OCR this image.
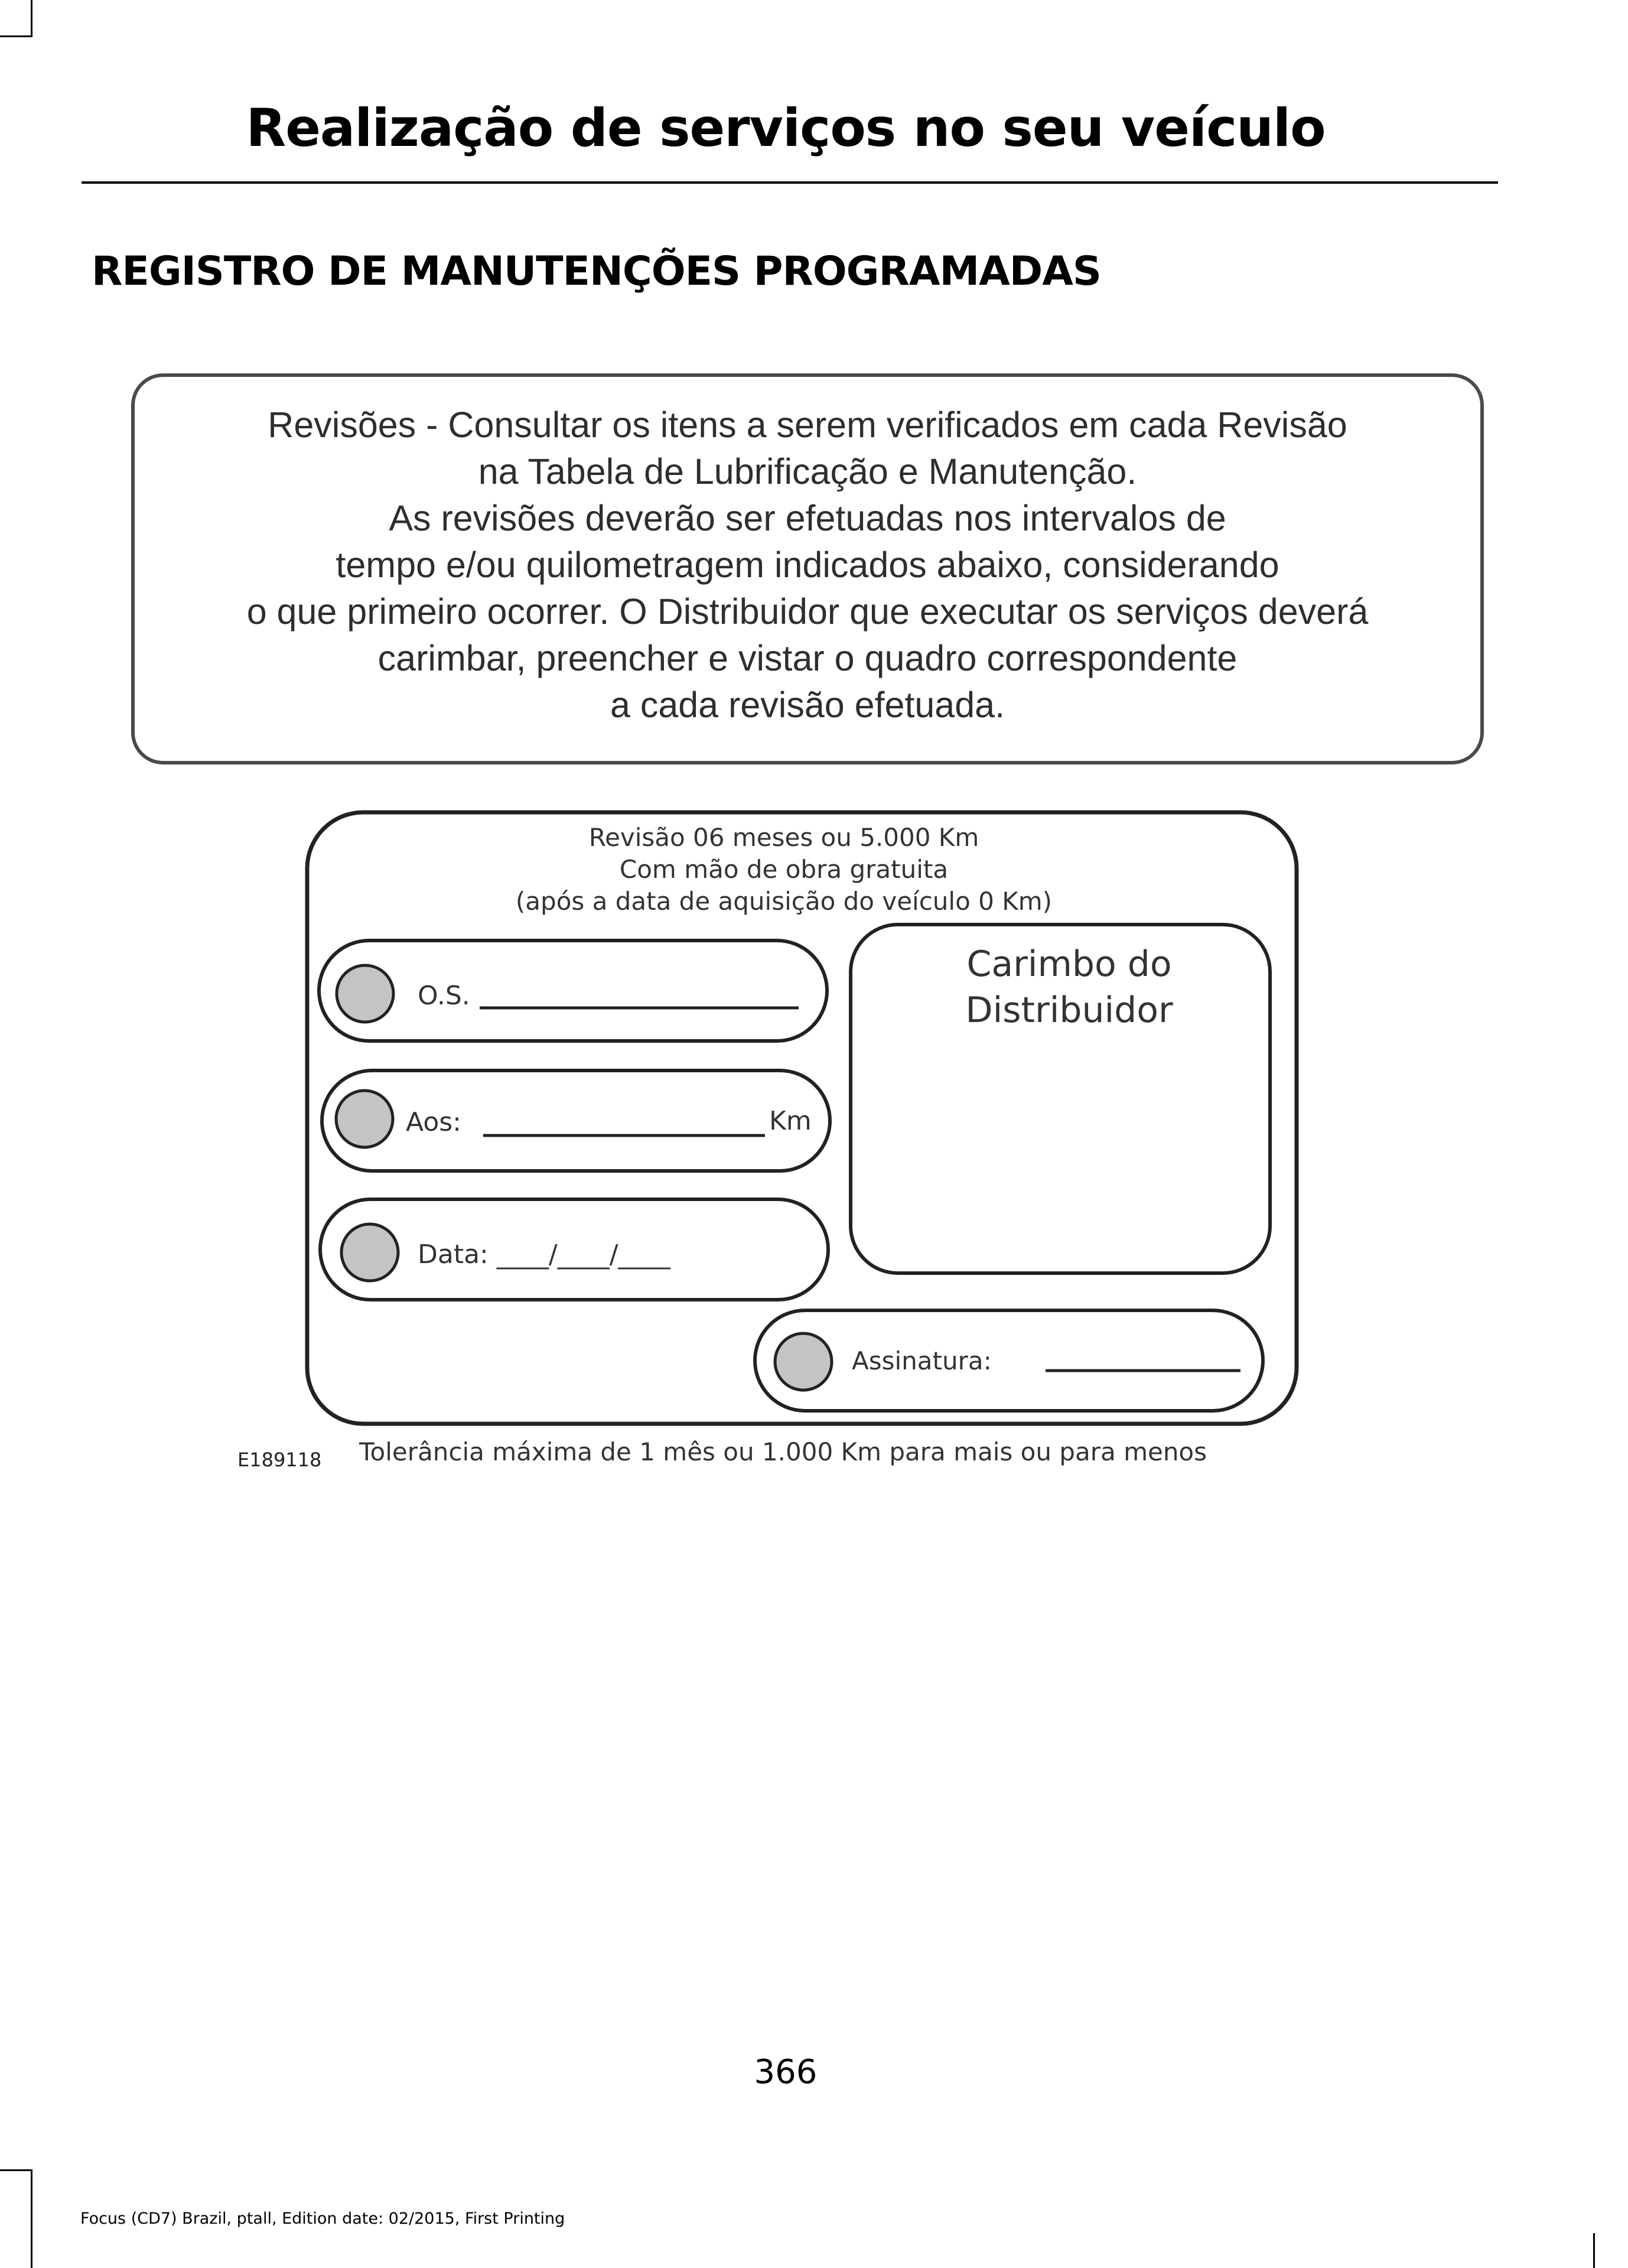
Realização de serviços no seu veículo
REGISTRO DE MANUTENÇÕES PROGRAMADAS
Revisões - Consultar os itens a serem verificados em cada Revisão
na Tabela de Lubrificação e Manutenção.
As revisões deverão ser efetuadas nos intervalos de
tempo e/ou quilometragem indicados abaixo, considerando
o que primeiro ocorrer. O Distribuidor que executar os serviços deverá
carimbar, preencher e vistar o quadro correspondente
a cada revisão efetuada.
Revisão 06 meses ou 5.000 Km
Com mão de obra gratuita
(após a data de aquisição do veículo 0 Km)
O.S.
Aos:	Km
Data: ____/____/____
Carimbo do
Distribuidor
Assinatura:
E189118 Tolerância máxima de 1 mês ou 1.000 Km para mais ou para menos
366
Focus (CD7) Brazil, ptall, Edition date: 02/2015, First Printing
